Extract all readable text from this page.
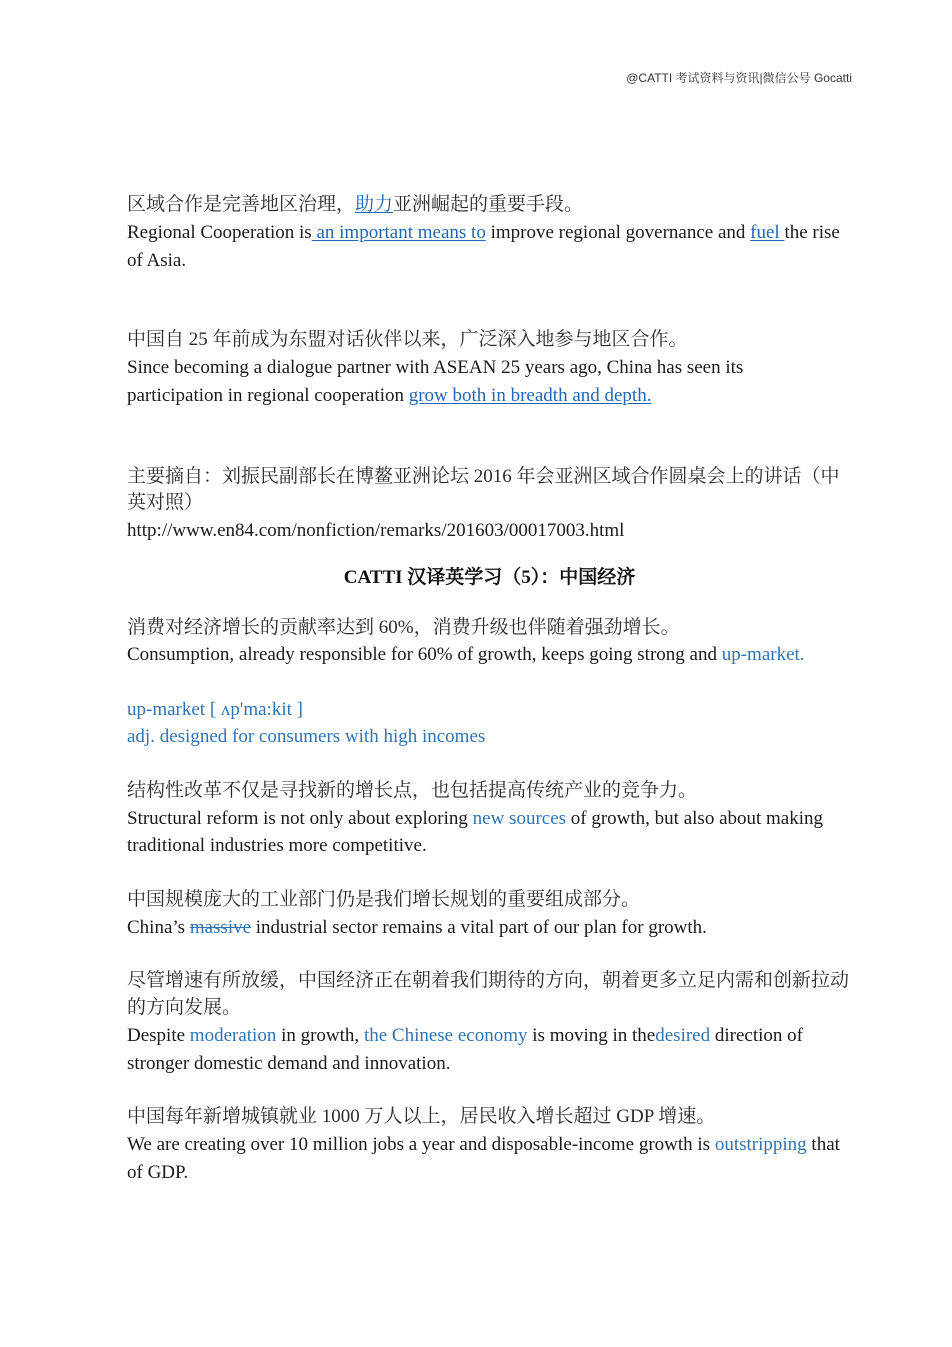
@CATTI 考试资料与资讯|微信公号 Gocatti
区域合作是完善地区治理，助力亚洲崛起的重要手段。
Regional Cooperation is an important means to improve regional governance and fuel the rise
of Asia.
中国自 25 年前成为东盟对话伙伴以来，广泛深入地参与地区合作。
Since becoming a dialogue partner with ASEAN 25 years ago, China has seen its
participation in regional cooperation grow both in breadth and depth.
主要摘自：刘振民副部长在博鳌亚洲论坛 2016 年会亚洲区域合作圆桌会上的讲话（中
英对照）
http://www.en84.com/nonfiction/remarks/201603/00017003.html
CATTI 汉译英学习（5）：中国经济
消费对经济增长的贡献率达到 60%，消费升级也伴随着强劲增长。
Consumption, already responsible for 60% of growth, keeps going strong and up-market.
up-market [ ʌp'ma:kit ]
adj. designed for consumers with high incomes
结构性改革不仅是寻找新的增长点，也包括提高传统产业的竞争力。
Structural reform is not only about exploring new sources of growth, but also about making
traditional industries more competitive.
中国规模庞大的工业部门仍是我们增长规划的重要组成部分。
China’s massive industrial sector remains a vital part of our plan for growth.
尽管增速有所放缓，中国经济正在朝着我们期待的方向，朝着更多立足内需和创新拉动
的方向发展。
Despite moderation in growth, the Chinese economy is moving in thedesired direction of
stronger domestic demand and innovation.
中国每年新增城镇就业 1000 万人以上，居民收入增长超过 GDP 增速。
We are creating over 10 million jobs a year and disposable-income growth is outstripping that
of GDP.
